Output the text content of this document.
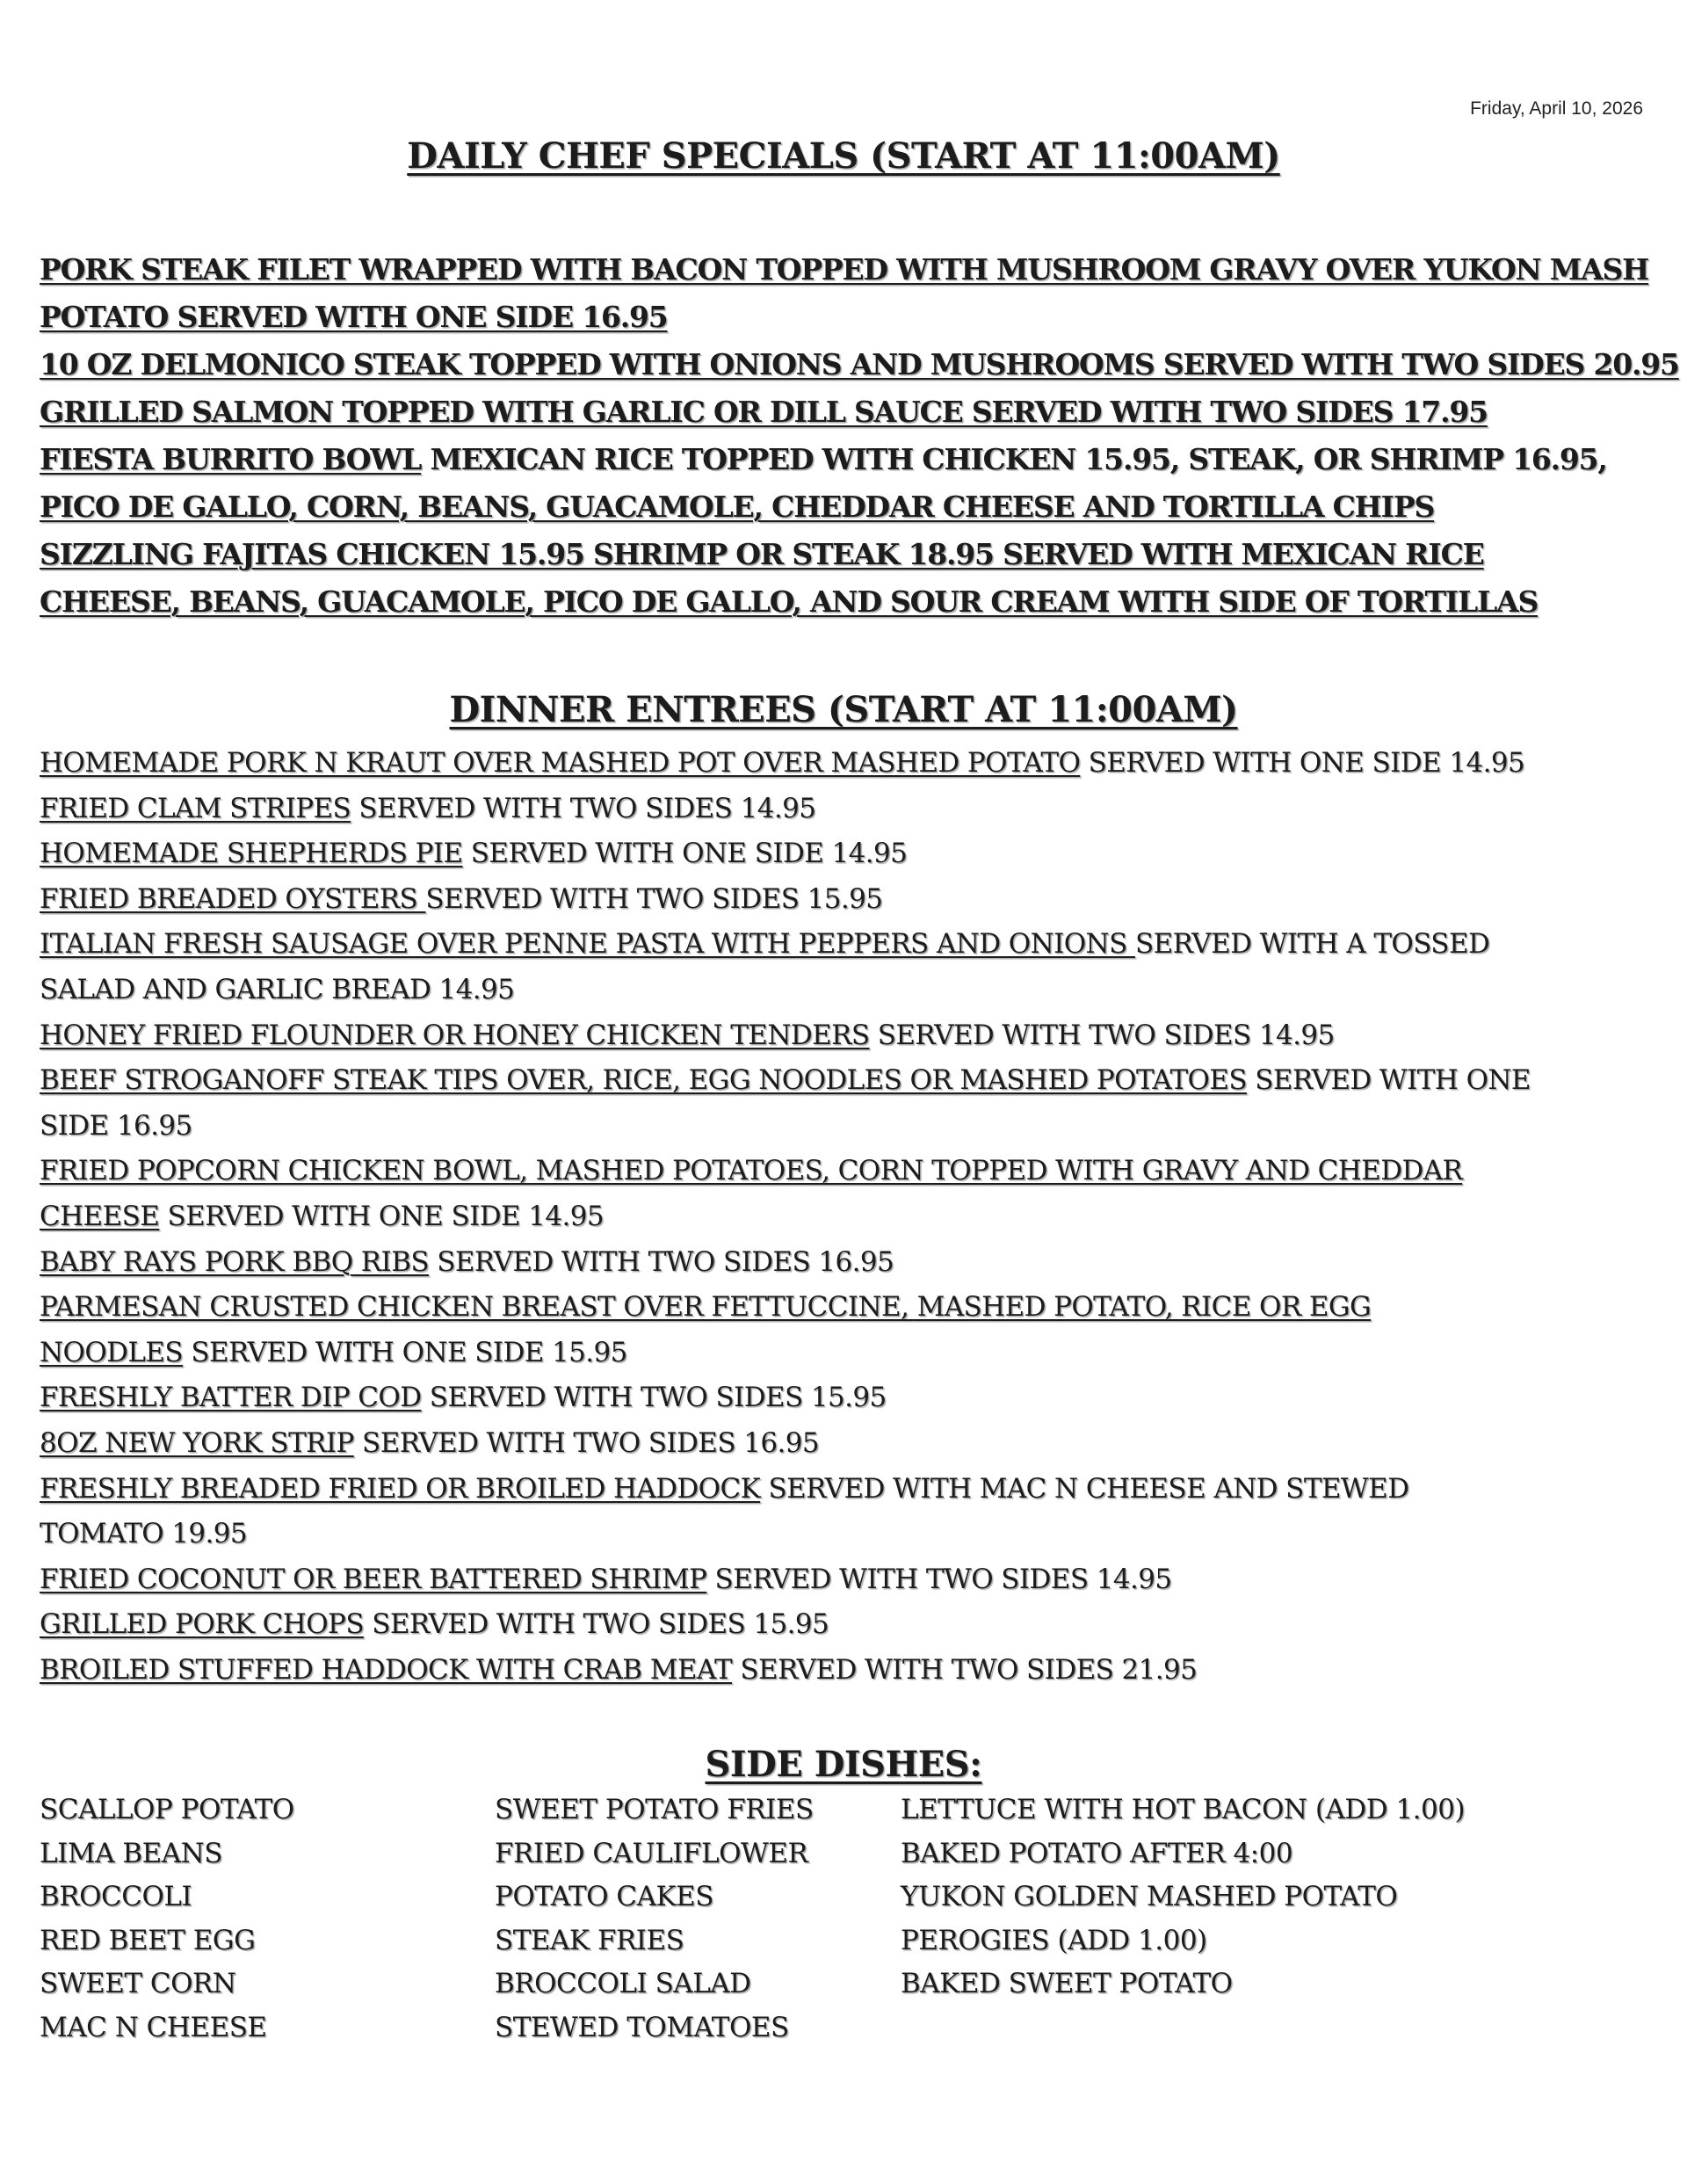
Friday, April 10, 2026
DAILY CHEF SPECIALS (START AT 11:00AM)
PORK STEAK FILET WRAPPED WITH BACON TOPPED WITH MUSHROOM GRAVY OVER YUKON MASH
POTATO SERVED WITH ONE SIDE 16.95
10 OZ DELMONICO STEAK TOPPED WITH ONIONS AND MUSHROOMS SERVED WITH TWO SIDES 20.95
GRILLED SALMON TOPPED WITH GARLIC OR DILL SAUCE SERVED WITH TWO SIDES 17.95
FIESTA BURRITO BOWL MEXICAN RICE TOPPED WITH CHICKEN 15.95, STEAK, OR SHRIMP 16.95,
PICO DE GALLO, CORN, BEANS, GUACAMOLE, CHEDDAR CHEESE AND TORTILLA CHIPS
SIZZLING FAJITAS CHICKEN 15.95 SHRIMP OR STEAK 18.95 SERVED WITH MEXICAN RICE
CHEESE, BEANS, GUACAMOLE, PICO DE GALLO, AND SOUR CREAM WITH SIDE OF TORTILLAS
DINNER ENTREES (START AT 11:00AM)
HOMEMADE PORK N KRAUT OVER MASHED POT OVER MASHED POTATO SERVED WITH ONE SIDE 14.95
FRIED CLAM STRIPES SERVED WITH TWO SIDES 14.95
HOMEMADE SHEPHERDS PIE SERVED WITH ONE SIDE 14.95
FRIED BREADED OYSTERS SERVED WITH TWO SIDES 15.95
ITALIAN FRESH SAUSAGE OVER PENNE PASTA WITH PEPPERS AND ONIONS SERVED WITH A TOSSED
SALAD AND GARLIC BREAD 14.95
HONEY FRIED FLOUNDER OR HONEY CHICKEN TENDERS SERVED WITH TWO SIDES 14.95
BEEF STROGANOFF STEAK TIPS OVER, RICE, EGG NOODLES OR MASHED POTATOES SERVED WITH ONE
SIDE 16.95
FRIED POPCORN CHICKEN BOWL, MASHED POTATOES, CORN TOPPED WITH GRAVY AND CHEDDAR
CHEESE SERVED WITH ONE SIDE 14.95
BABY RAYS PORK BBQ RIBS SERVED WITH TWO SIDES 16.95
PARMESAN CRUSTED CHICKEN BREAST OVER FETTUCCINE, MASHED POTATO, RICE OR EGG
NOODLES SERVED WITH ONE SIDE 15.95
FRESHLY BATTER DIP COD SERVED WITH TWO SIDES 15.95
8OZ NEW YORK STRIP SERVED WITH TWO SIDES 16.95
FRESHLY BREADED FRIED OR BROILED HADDOCK SERVED WITH MAC N CHEESE AND STEWED
TOMATO 19.95
FRIED COCONUT OR BEER BATTERED SHRIMP SERVED WITH TWO SIDES 14.95
GRILLED PORK CHOPS SERVED WITH TWO SIDES 15.95
BROILED STUFFED HADDOCK WITH CRAB MEAT SERVED WITH TWO SIDES 21.95
SIDE DISHES:
SCALLOP POTATO
LIMA BEANS
BROCCOLI
RED BEET EGG
SWEET CORN
MAC N CHEESE
SWEET POTATO FRIES
FRIED CAULIFLOWER
POTATO CAKES
STEAK FRIES
BROCCOLI SALAD
STEWED TOMATOES
LETTUCE WITH HOT BACON (ADD 1.00)
BAKED POTATO AFTER 4:00
YUKON GOLDEN MASHED POTATO
PEROGIES (ADD 1.00)
BAKED SWEET POTATO
